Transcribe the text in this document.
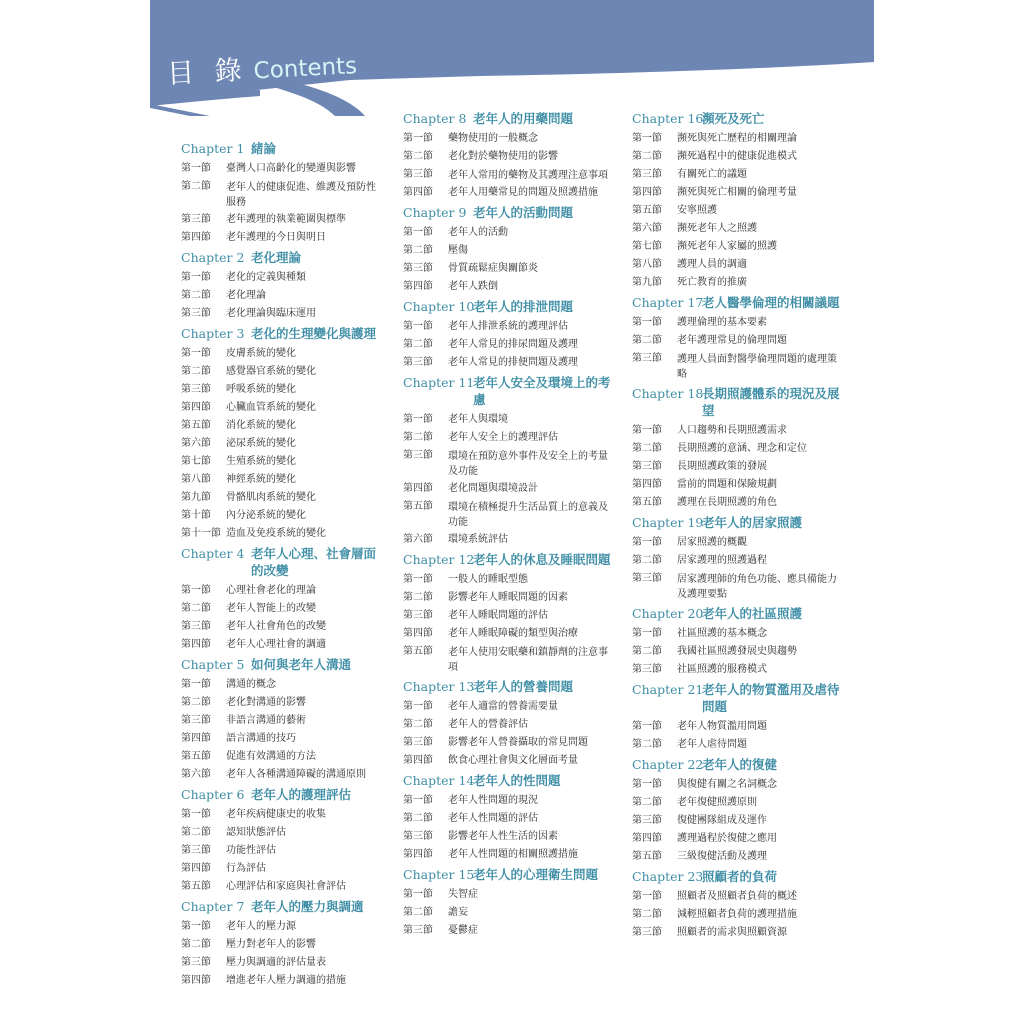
目 錄 Contents
Chapter 1 緒論
第一節	臺灣人口高齡化的變遷與影響
第二節	老年人的健康促進、維護及預防性服務
第三節	老年護理的執業範圍與標準
第四節	老年護理的今日與明日
Chapter 2 老化理論
第一節	老化的定義與種類
第二節	老化理論
第三節	老化理論與臨床運用
Chapter 3 老化的生理變化與護理
第一節	皮膚系統的變化
第二節	感覺器官系統的變化
第三節	呼吸系統的變化
第四節	心臟血管系統的變化
第五節	消化系統的變化
第六節	泌尿系統的變化
第七節	生殖系統的變化
第八節	神經系統的變化
第九節	骨骼肌肉系統的變化
第十節	內分泌系統的變化
第十一節 造血及免疫系統的變化
Chapter 4 老年人心理、社會層面的改變
第一節	心理社會老化的理論
第二節	老年人智能上的改變
第三節	老年人社會角色的改變
第四節	老年人心理社會的調適
Chapter 5 如何與老年人溝通
第一節	溝通的概念
第二節	老化對溝通的影響
第三節	非語言溝通的藝術
第四節	語言溝通的技巧
第五節	促進有效溝通的方法
第六節	老年人各種溝通障礙的溝通原則
Chapter 6 老年人的護理評估
第一節	老年疾病健康史的收集
第二節	認知狀態評估
第三節	功能性評估
第四節	行為評估
第五節	心理評估和家庭與社會評估
Chapter 7 老年人的壓力與調適
第一節	老年人的壓力源
第二節	壓力對老年人的影響
第三節	壓力與調適的評估量表
第四節	增進老年人壓力調適的措施
Chapter 8 老年人的用藥問題
第一節	藥物使用的一般概念
第二節	老化對於藥物使用的影響
第三節	老年人常用的藥物及其護理注意事項
第四節	老年人用藥常見的問題及照護措施
Chapter 9 老年人的活動問題
第一節	老年人的活動
第二節	壓傷
第三節	骨質疏鬆症與關節炎
第四節	老年人跌倒
Chapter 10
老年人的排泄問題
第一節	老年人排泄系統的護理評估
第二節	老年人常見的排尿問題及護理
第三節	老年人常見的排便問題及護理
Chapter 11
老年人安全及環境上的考慮
第一節	老年人與環境
第二節	老年人安全上的護理評估
第三節	環境在預防意外事件及安全上的考量及功能
第四節	老化問題與環境設計
第五節	環境在積極提升生活品質上的意義及功能
第六節	環境系統評估
Chapter 12
老年人的休息及睡眠問題
第一節	一般人的睡眠型態
第二節	影響老年人睡眠問題的因素
第三節	老年人睡眠問題的評估
第四節	老年人睡眠障礙的類型與治療
第五節	老年人使用安眠藥和鎮靜劑的注意事項
Chapter 13
老年人的營養問題
第一節	老年人適當的營養需要量
第二節	老年人的營養評估
第三節	影響老年人營養攝取的常見問題
第四節	飲食心理社會與文化層面考量
Chapter 14
老年人的性問題
第一節	老年人性問題的現況
第二節	老年人性問題的評估
第三節	影響老年人性生活的因素
第四節	老年人性問題的相關照護措施
Chapter 15
老年人的心理衛生問題
第一節	失智症
第二節	譫妄
第三節	憂鬱症
Chapter 16
瀕死及死亡
第一節	瀕死與死亡歷程的相關理論
第二節	瀕死過程中的健康促進模式
第三節	有關死亡的議題
第四節	瀕死與死亡相關的倫理考量
第五節	安寧照護
第六節	瀕死老年人之照護
第七節	瀕死老年人家屬的照護
第八節	護理人員的調適
第九節	死亡教育的推廣
Chapter 17
老人醫學倫理的相關議題
第一節	護理倫理的基本要素
第二節	老年護理常見的倫理問題
第三節	護理人員面對醫學倫理問題的處理策略
Chapter 18
長期照護體系的現況及展望
第一節	人口趨勢和長期照護需求
第二節	長期照護的意涵、理念和定位
第三節	長期照護政策的發展
第四節	當前的問題和保險規劃
第五節	護理在長期照護的角色
Chapter 19
老年人的居家照護
第一節	居家照護的概觀
第二節	居家護理的照護過程
第三節	居家護理師的角色功能、應具備能力及護理要點
Chapter 20
老年人的社區照護
第一節	社區照護的基本概念
第二節	我國社區照護發展史與趨勢
第三節	社區照護的服務模式
Chapter 21
老年人的物質濫用及虐待問題
第一節	老年人物質濫用問題
第二節	老年人虐待問題
Chapter 22
老年人的復健
第一節	與復健有關之名詞概念
第二節	老年復健照護原則
第三節	復健團隊組成及運作
第四節	護理過程於復健之應用
第五節	三級復健活動及護理
Chapter 23
照顧者的負荷
第一節	照顧者及照顧者負荷的概述
第二節	減輕照顧者負荷的護理措施
第三節	照顧者的需求與照顧資源
